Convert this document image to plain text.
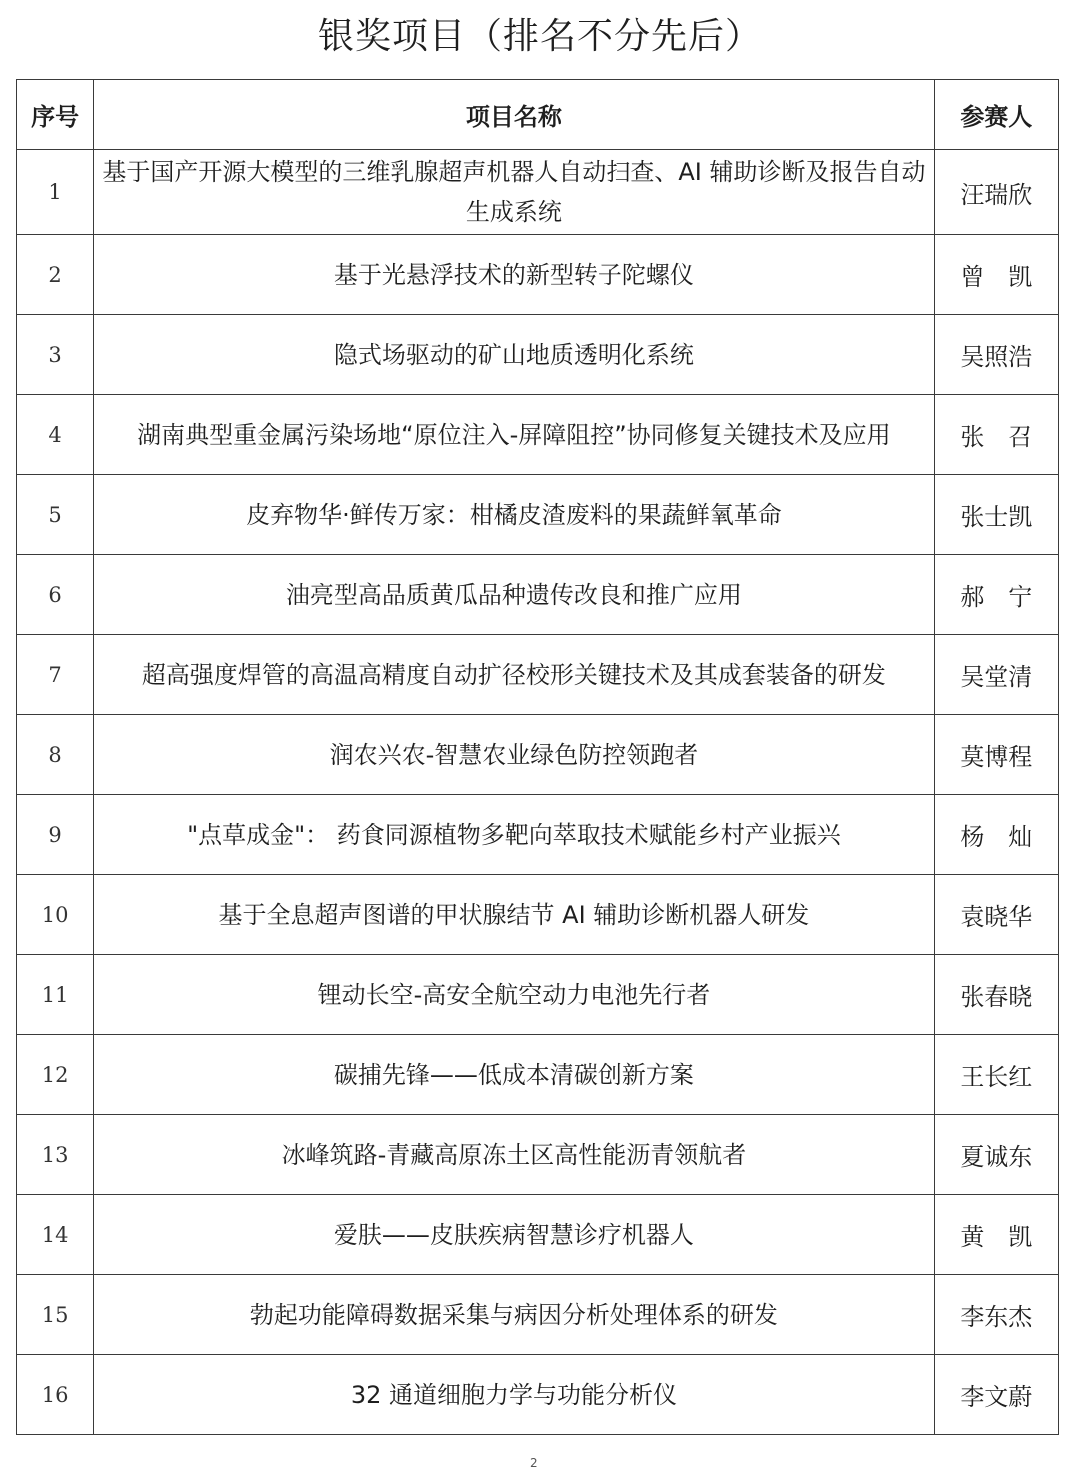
银奖项目（排名不分先后）
序号	项目名称	参赛人
1	基于国产开源大模型的三维乳腺超声机器人自动扫查、AI 辅助诊断及报告自动生成系统	汪瑞欣
2	基于光悬浮技术的新型转子陀螺仪	曾凯
3	隐式场驱动的矿山地质透明化系统	吴照浩
4	湖南典型重金属污染场地“原位注入-屏障阻控”协同修复关键技术及应用	张召
5	皮弃物华·鲜传万家：柑橘皮渣废料的果蔬鲜氧革命	张士凯
6	油亮型高品质黄瓜品种遗传改良和推广应用	郝宁
7	超高强度焊管的高温高精度自动扩径校形关键技术及其成套装备的研发	吴堂清
8	润农兴农-智慧农业绿色防控领跑者	莫博程
9	"点草成金"： 药食同源植物多靶向萃取技术赋能乡村产业振兴	杨灿
10	基于全息超声图谱的甲状腺结节 AI 辅助诊断机器人研发	袁晓华
11	锂动长空-高安全航空动力电池先行者	张春晓
12	碳捕先锋——低成本清碳创新方案	王长红
13	冰峰筑路-青藏高原冻土区高性能沥青领航者	夏诚东
14	爱肤——皮肤疾病智慧诊疗机器人	黄凯
15	勃起功能障碍数据采集与病因分析处理体系的研发	李东杰
16	32 通道细胞力学与功能分析仪	李文蔚
2
